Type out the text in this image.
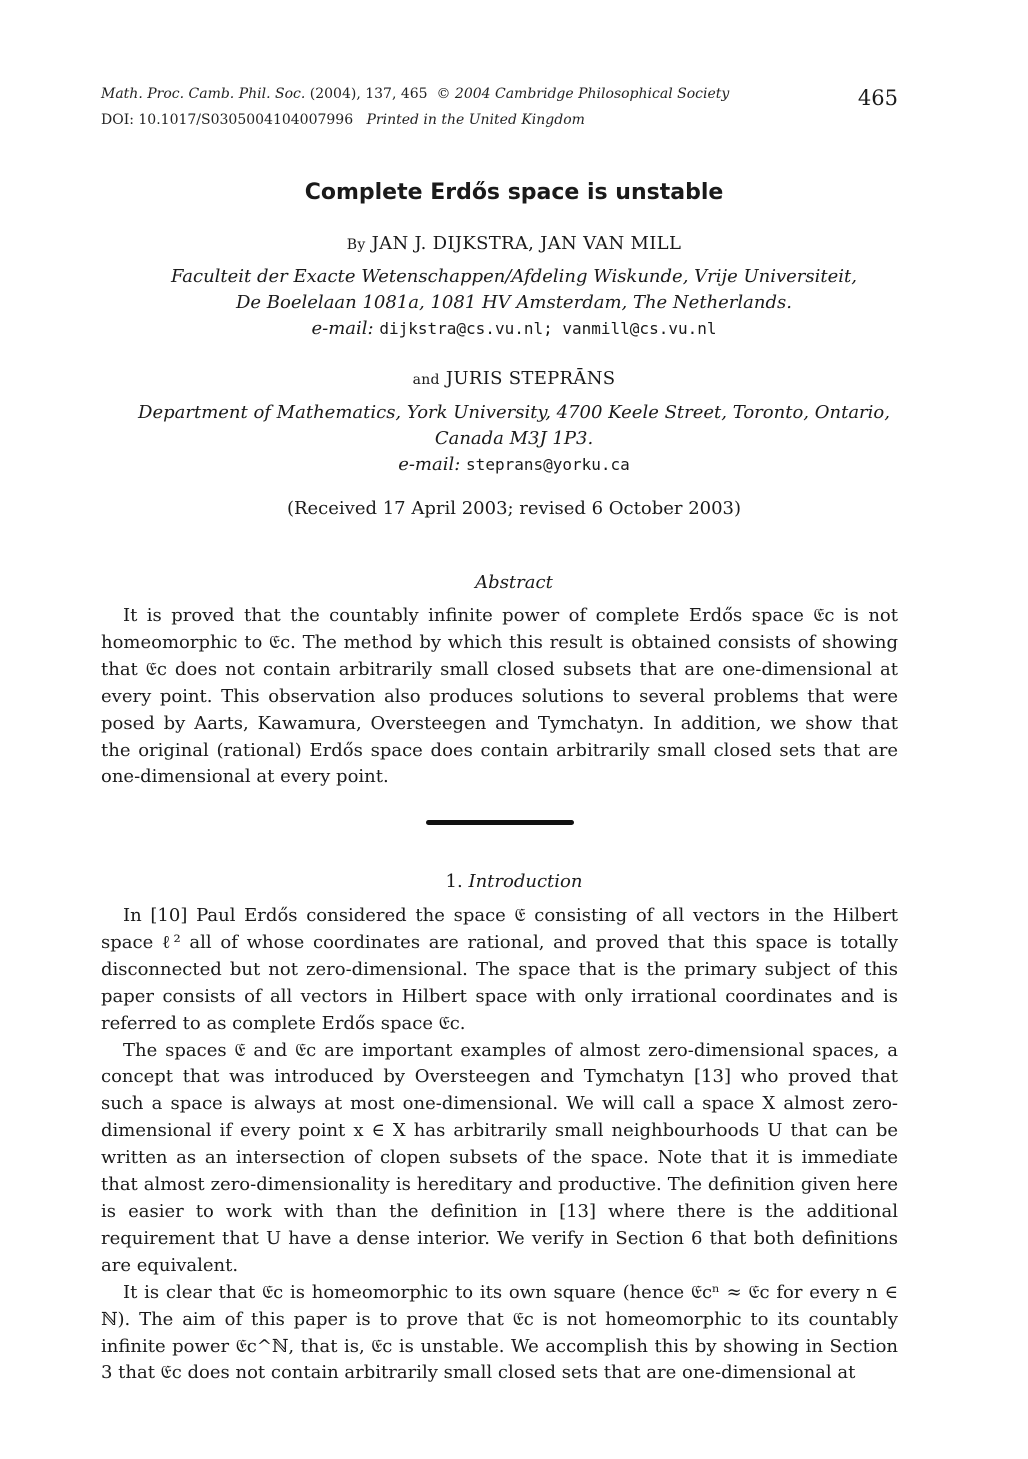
Math. Proc. Camb. Phil. Soc. (2004), 137, 465 © 2004 Cambridge Philosophical Society
DOI: 10.1017/S0305004104007996 Printed in the United Kingdom
465
Complete Erdős space is unstable
By JAN J. DIJKSTRA, JAN VAN MILL
Faculteit der Exacte Wetenschappen/Afdeling Wiskunde, Vrije Universiteit,
De Boelelaan 1081a, 1081 HV Amsterdam, The Netherlands.
e-mail: dijkstra@cs.vu.nl; vanmill@cs.vu.nl
and JURIS STEPRĀNS
Department of Mathematics, York University, 4700 Keele Street, Toronto, Ontario,
Canada M3J 1P3.
e-mail: steprans@yorku.ca
(Received 17 April 2003; revised 6 October 2003)
Abstract

It is proved that the countably infinite power of complete Erdős space 𝔈c is not homeomorphic to 𝔈c. The method by which this result is obtained consists of showing that 𝔈c does not contain arbitrarily small closed subsets that are one-dimensional at every point. This observation also produces solutions to several problems that were posed by Aarts, Kawamura, Oversteegen and Tymchatyn. In addition, we show that the original (rational) Erdős space does contain arbitrarily small closed sets that are one-dimensional at every point.

1. Introduction

In [10] Paul Erdős considered the space 𝔈 consisting of all vectors in the Hilbert space ℓ² all of whose coordinates are rational, and proved that this space is totally disconnected but not zero-dimensional. The space that is the primary subject of this paper consists of all vectors in Hilbert space with only irrational coordinates and is referred to as complete Erdős space 𝔈c.

The spaces 𝔈 and 𝔈c are important examples of almost zero-dimensional spaces, a concept that was introduced by Oversteegen and Tymchatyn [13] who proved that such a space is always at most one-dimensional. We will call a space X almost zero-dimensional if every point x ∈ X has arbitrarily small neighbourhoods U that can be written as an intersection of clopen subsets of the space. Note that it is immediate that almost zero-dimensionality is hereditary and productive. The definition given here is easier to work with than the definition in [13] where there is the additional requirement that U have a dense interior. We verify in Section 6 that both definitions are equivalent.

It is clear that 𝔈c is homeomorphic to its own square (hence 𝔈cⁿ ≈ 𝔈c for every n ∈ ℕ). The aim of this paper is to prove that 𝔈c is not homeomorphic to its countably infinite power 𝔈c^ℕ, that is, 𝔈c is unstable. We accomplish this by showing in Section 3 that 𝔈c does not contain arbitrarily small closed sets that are one-dimensional at
